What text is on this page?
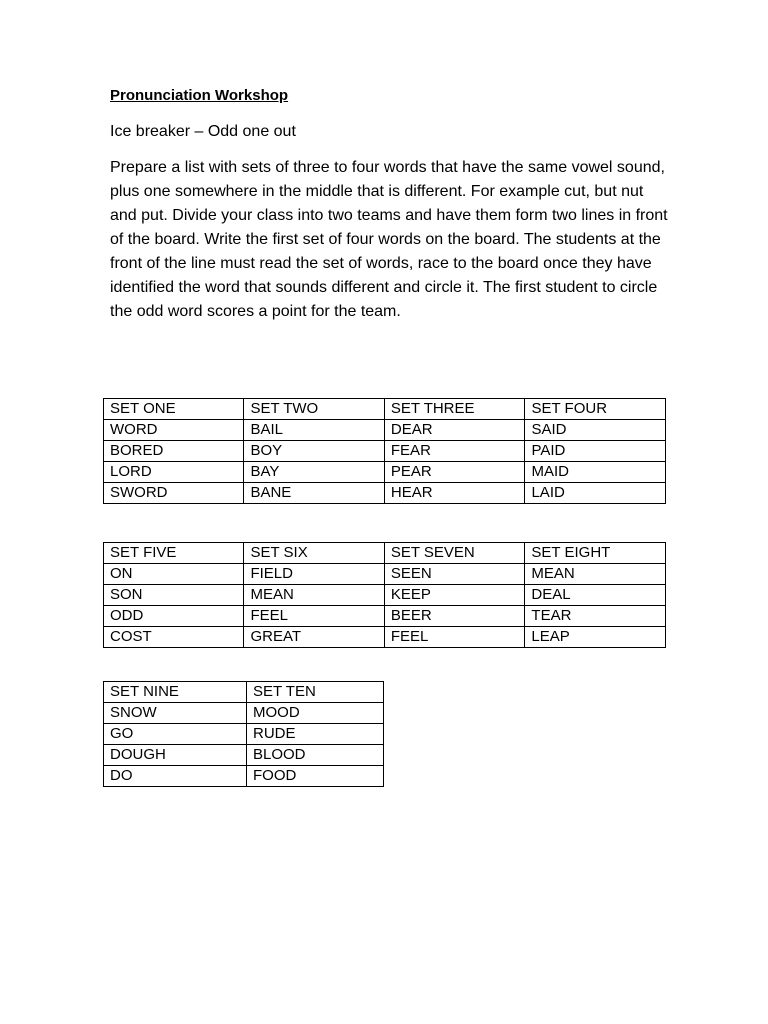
Pronunciation Workshop

Ice breaker – Odd one out

Prepare a list with sets of three to four words that have the same vowel sound, plus one somewhere in the middle that is different. For example cut, but nut and put. Divide your class into two teams and have them form two lines in front of the board. Write the first set of four words on the board. The students at the front of the line must read the set of words, race to the board once they have identified the word that sounds different and circle it. The first student to circle the odd word scores a point for the team.

SET ONE	SET TWO	SET THREE	SET FOUR
WORD	BAIL	DEAR	SAID
BORED	BOY	FEAR	PAID
LORD	BAY	PEAR	MAID
SWORD	BANE	HEAR	LAID
SET FIVE	SET SIX	SET SEVEN	SET EIGHT
ON	FIELD	SEEN	MEAN
SON	MEAN	KEEP	DEAL
ODD	FEEL	BEER	TEAR
COST	GREAT	FEEL	LEAP
SET NINE	SET TEN
SNOW	MOOD
GO	RUDE
DOUGH	BLOOD
DO	FOOD
